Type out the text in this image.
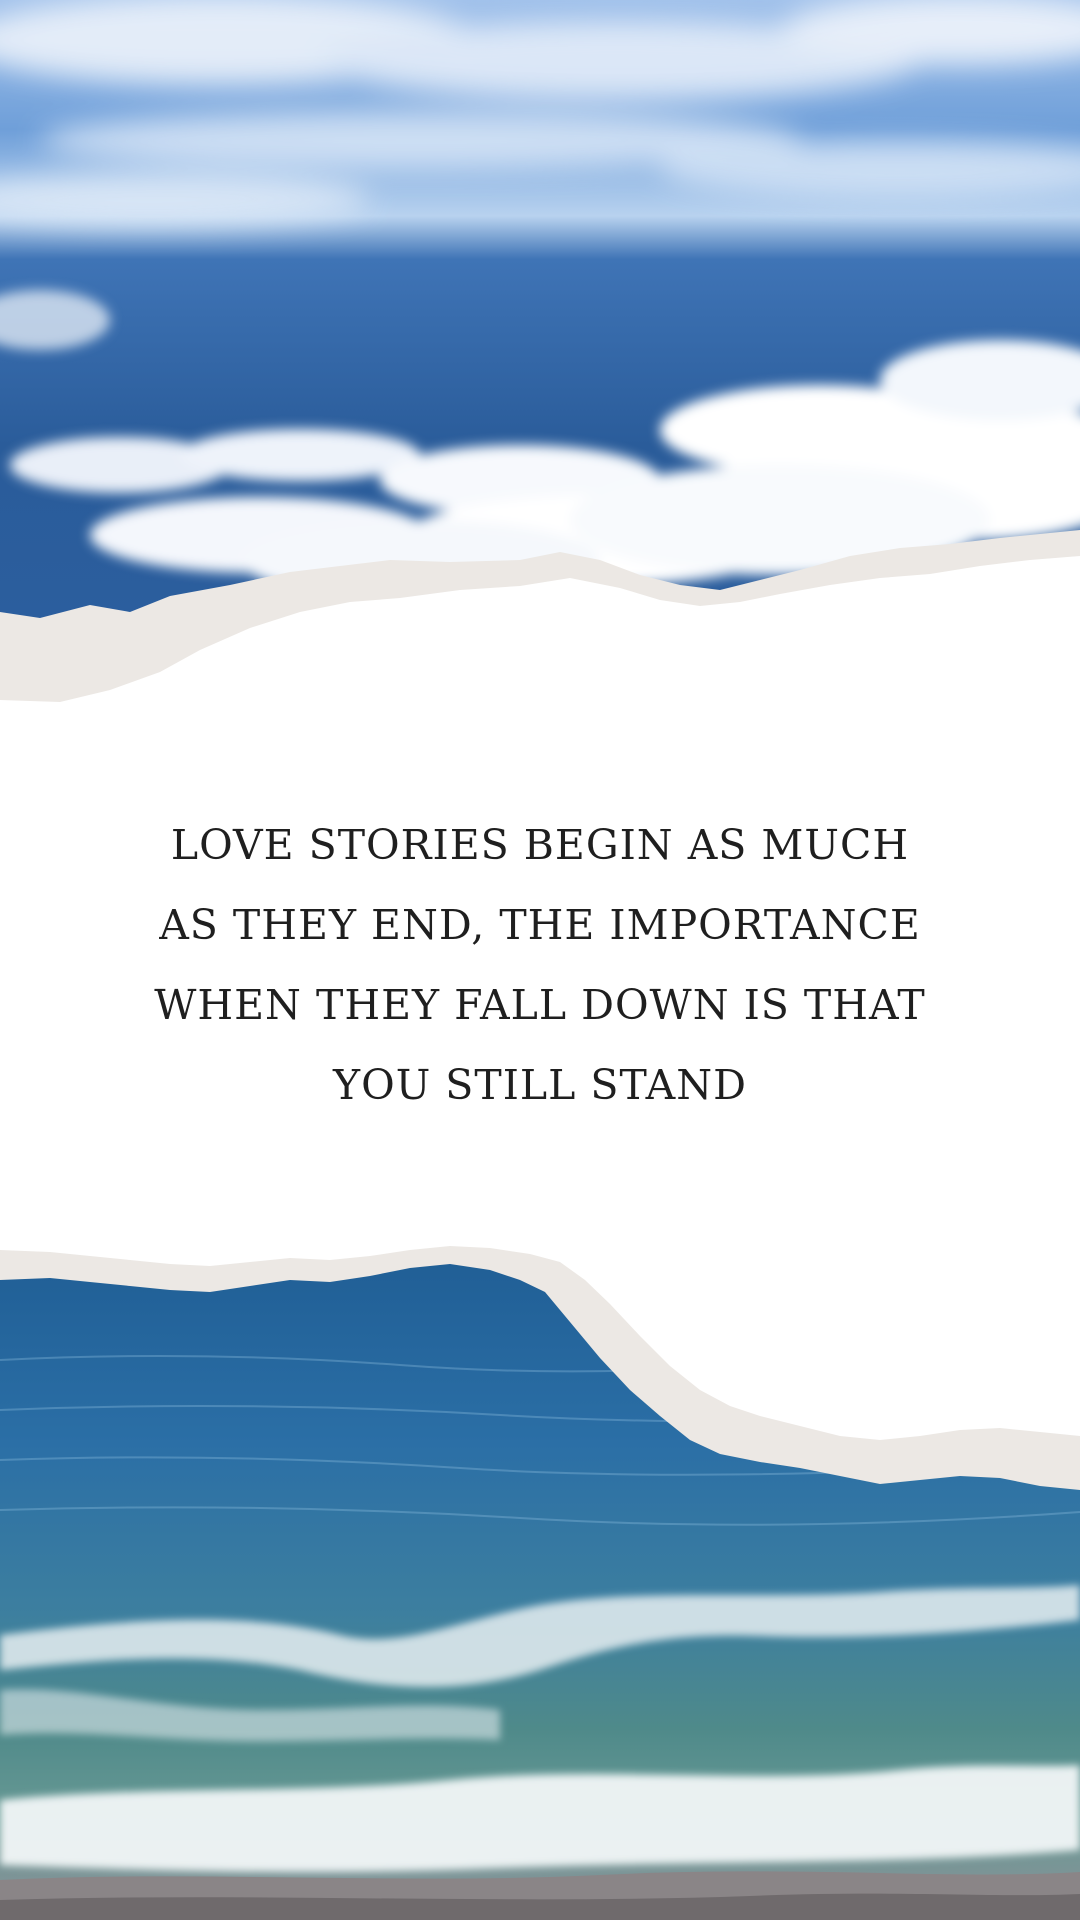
LOVE STORIES BEGIN AS MUCH
AS THEY END, THE IMPORTANCE
WHEN THEY FALL DOWN IS THAT
YOU STILL STAND
